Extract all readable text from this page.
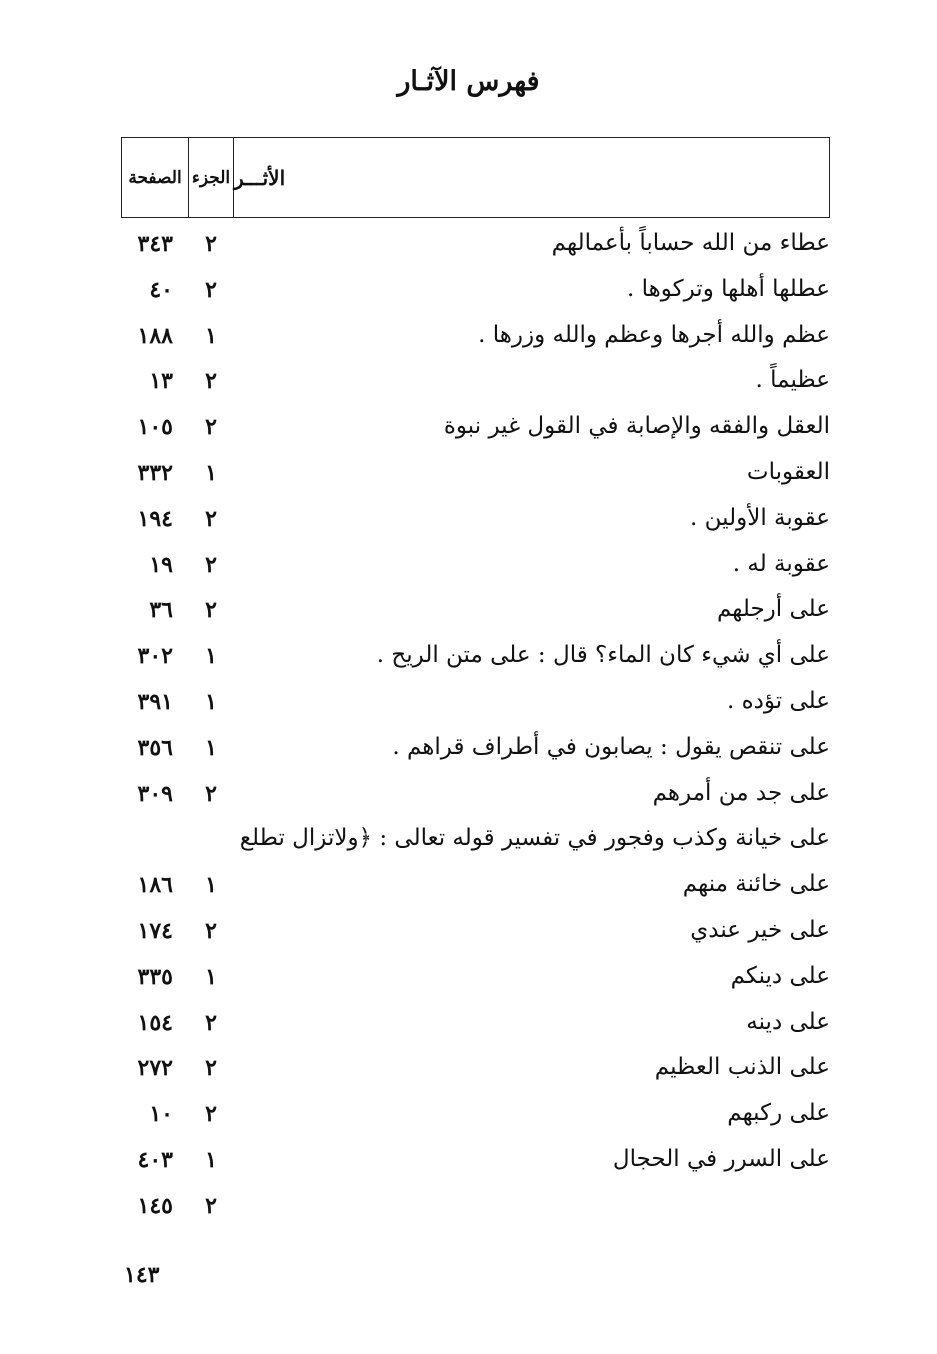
فهرس الآثـار
الصفحة الجزء الأثـــر
عطاء من الله حساباً بأعمالهم
٢
٣٤٣
عطلها أهلها وتركوها .
٢
٤٠
عظم والله أجرها وعظم والله وزرها .
١
١٨٨
عظيماً .
٢
١٣
العقل والفقه والإصابة في القول غير نبوة
٢
١٠٥
العقوبات
١
٣٣٢
عقوبة الأولين .
٢
١٩٤
عقوبة له .
٢
١٩
على أرجلهم
٢
٣٦
على أي شيء كان الماء؟ قال : على متن الريح .
١
٣٠٢
على تؤده .
١
٣٩١
على تنقص يقول : يصابون في أطراف قراهم .
١
٣٥٦
على جد من أمرهم
٢
٣٠٩
على خيانة وكذب وفجور في تفسير قوله تعالى : ﴿ولاتزال تطلع
على خائنة منهم
١
١٨٦
على خير عندي
٢
١٧٤
على دينكم
١
٣٣٥
على دينه
٢
١٥٤
على الذنب العظيم
٢
٢٧٢
على ركبهم
٢
١٠
على السرر في الحجال
١
٤٠٣
٢
١٤٥
١٤٣
